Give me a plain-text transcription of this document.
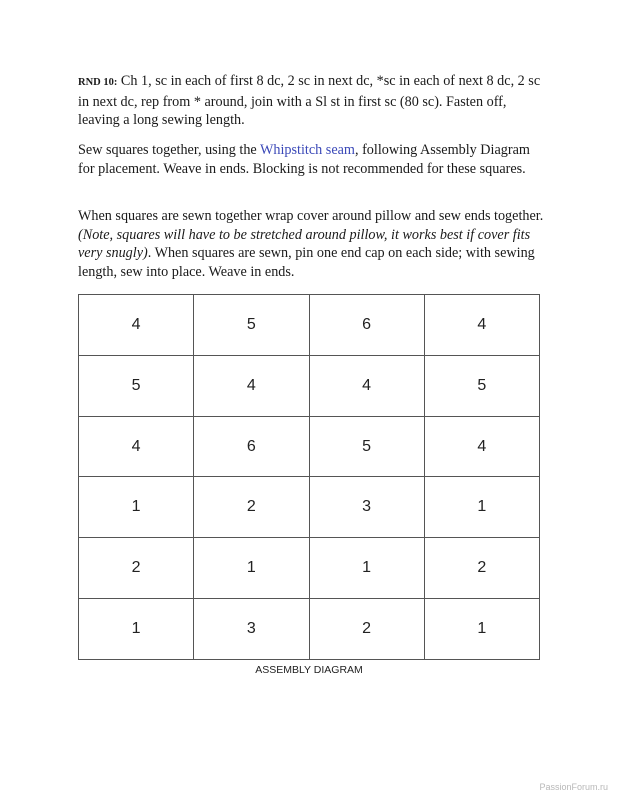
RND 10: Ch 1, sc in each of first 8 dc, 2 sc in next dc, *sc in each of next 8 dc, 2 sc in next dc, rep from * around, join with a Sl st in first sc (80 sc). Fasten off, leaving a long sewing length.

Sew squares together, using the Whipstitch seam, following Assembly Diagram for placement. Weave in ends. Blocking is not recommended for these squares.

When squares are sewn together wrap cover around pillow and sew ends together.(Note, squares will have to be stretched around pillow, it works best if cover fits very snugly). When squares are sewn, pin one end cap on each side; with sewing length, sew into place. Weave in ends.

4	5	6	4
5	4	4	5
4	6	5	4
1	2	3	1
2	1	1	2
1	3	2	1
ASSEMBLY DIAGRAM
PassionForum.ru
